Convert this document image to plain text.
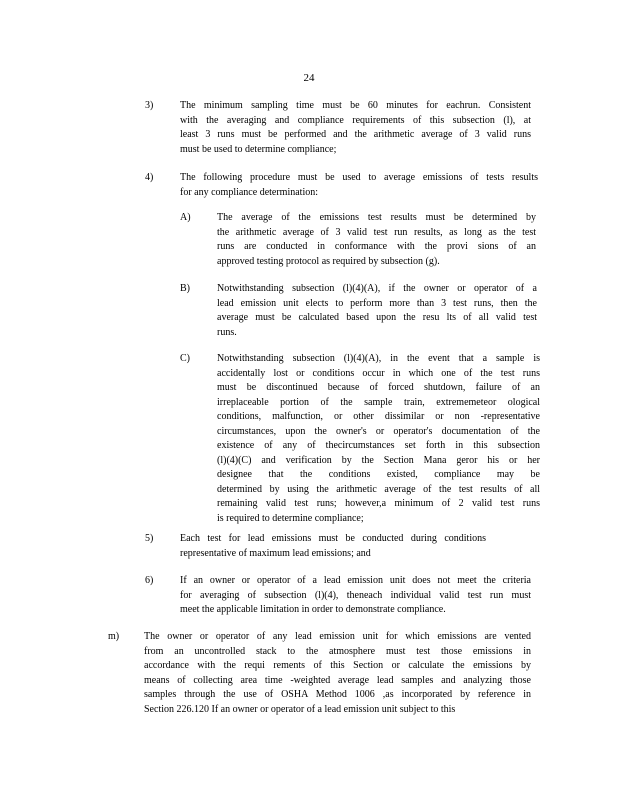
24
3)	The minimum sampling time must be 60 minutes for eachrun. Consistent
with the averaging and compliance requirements of this subsection (l), at
least 3 runs must be performed and the arithmetic average of 3 valid runs
must be used to determine compliance;
4)	The following procedure must be used to average emissions of tests results
for any compliance determination:
A)	The average of the emissions test results must be determined by
the arithmetic average of 3 valid test run results, as long as the test
runs are conducted in conformance with the provi sions of an
approved testing protocol as required by subsection (g).
B)	Notwithstanding subsection (l)(4)(A), if the owner or operator of a
lead emission unit elects to perform more than 3 test runs, then the
average must be calculated based upon the resu lts of all valid test
runs.
C)	Notwithstanding subsection (l)(4)(A), in the event that a sample is
accidentally lost or conditions occur in which one of the test runs
must be discontinued because of forced shutdown, failure of an
irreplaceable portion of the sample train, extrememeteor ological
conditions, malfunction, or other dissimilar or non -representative
circumstances, upon the owner's or operator's documentation of the
existence of any of thecircumstances set forth in this subsection
(l)(4)(C) and verification by the Section Mana geror his or her
designee that the conditions existed, compliance may be
determined by using the arithmetic average of the test results of all
remaining valid test runs; however,a minimum of 2 valid test runs
is required to determine compliance;
5)	Each test for lead emissions must be conducted during conditions
representative of maximum lead emissions; and
6)	If an owner or operator of a lead emission unit does not meet the criteria
for averaging of subsection (l)(4), theneach individual valid test run must
meet the applicable limitation in order to demonstrate compliance.
m) The owner or operator of any lead emission unit for which emissions are vented
from an uncontrolled stack to the atmosphere must test those emissions in
accordance with the requi rements of this Section or calculate the emissions by
means of collecting area time -weighted average lead samples and analyzing those
samples through the use of OSHA Method 1006 ,as incorporated by reference in
Section 226.120 If an owner or operator of a lead emission unit subject to this
